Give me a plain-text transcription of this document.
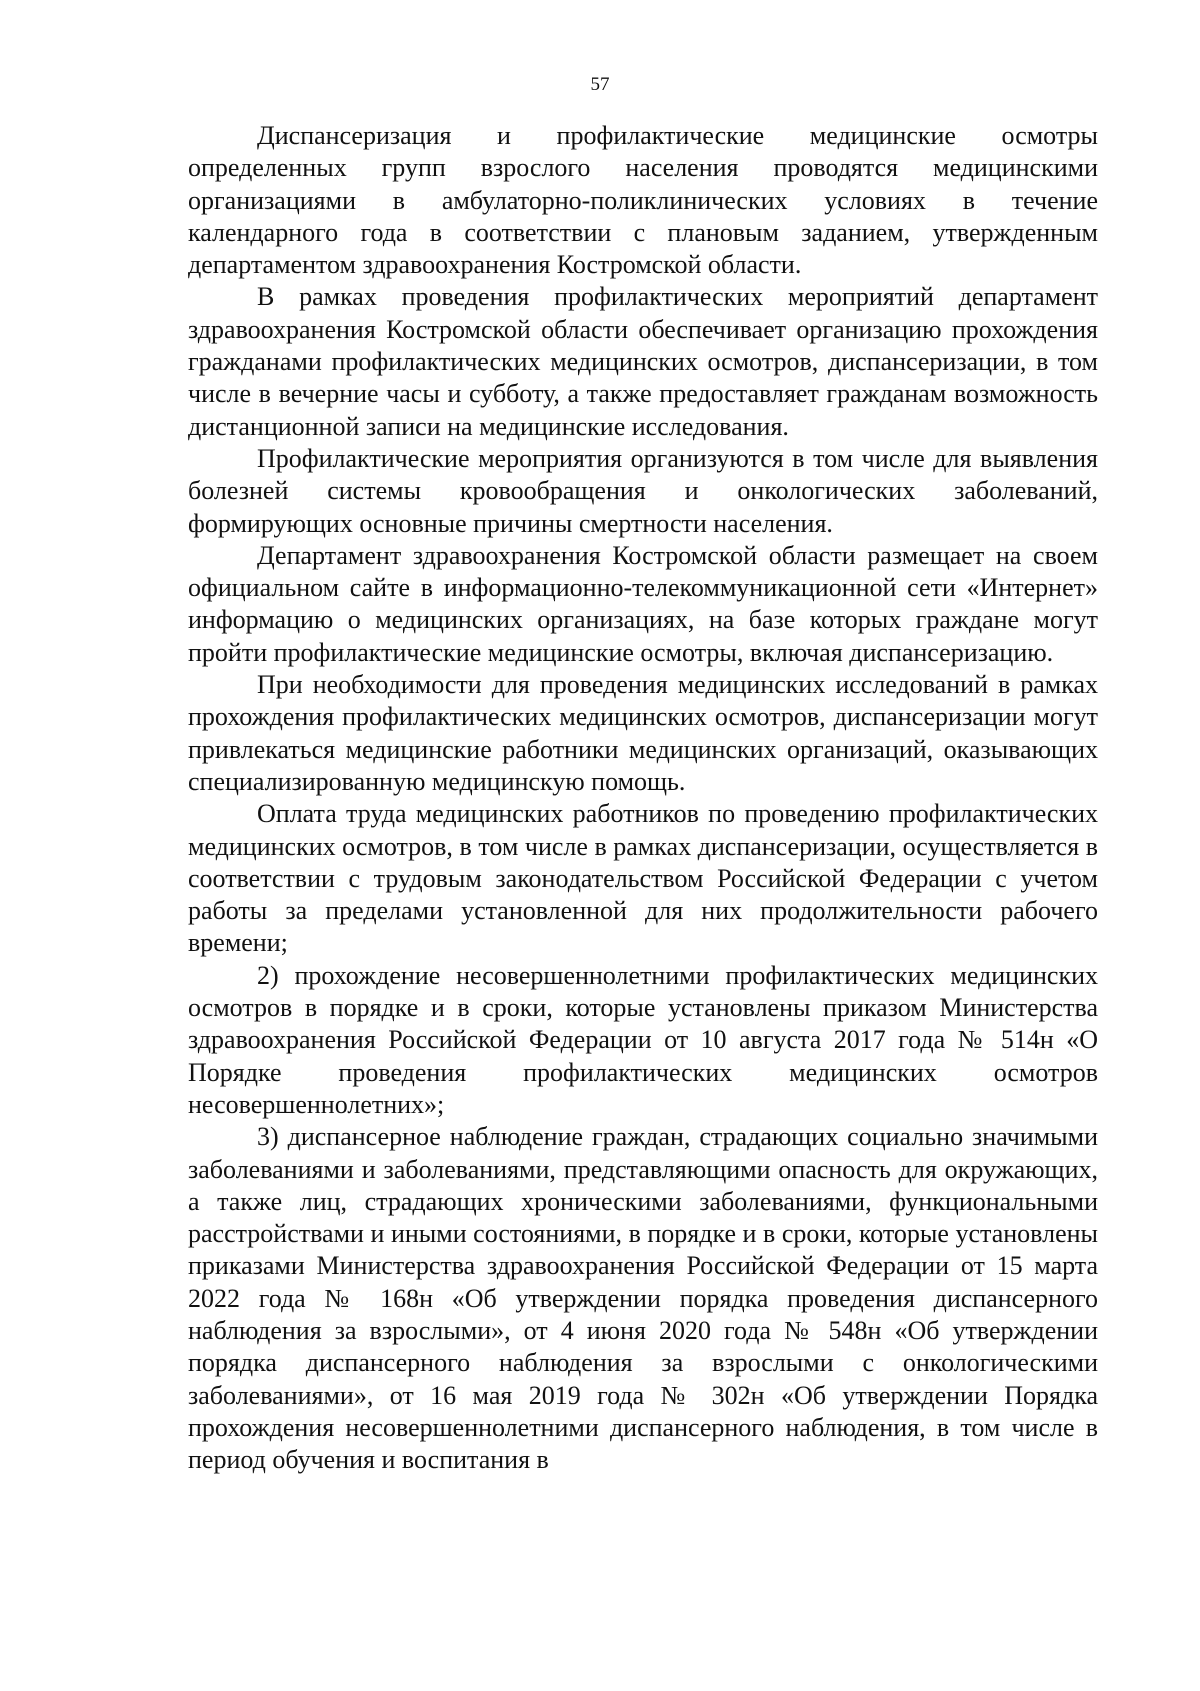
57

Диспансеризация и профилактические медицинские осмотры определенных групп взрослого населения проводятся медицинскими организациями в амбулаторно-поликлинических условиях в течение календарного года в соответствии с плановым заданием, утвержденным департаментом здравоохранения Костромской области.

В рамках проведения профилактических мероприятий департамент здравоохранения Костромской области обеспечивает организацию прохождения гражданами профилактических медицинских осмотров, диспансеризации, в том числе в вечерние часы и субботу, а также предоставляет гражданам возможность дистанционной записи на медицинские исследования.

Профилактические мероприятия организуются в том числе для выявления болезней системы кровообращения и онкологических заболеваний, формирующих основные причины смертности населения.

Департамент здравоохранения Костромской области размещает на своем официальном сайте в информационно-телекоммуникационной сети «Интернет» информацию о медицинских организациях, на базе которых граждане могут пройти профилактические медицинские осмотры, включая диспансеризацию.

При необходимости для проведения медицинских исследований в рамках прохождения профилактических медицинских осмотров, диспансеризации могут привлекаться медицинские работники медицинских организаций, оказывающих специализированную медицинскую помощь.

Оплата труда медицинских работников по проведению профилактических медицинских осмотров, в том числе в рамках диспансеризации, осуществляется в соответствии с трудовым законодательством Российской Федерации с учетом работы за пределами установленной для них продолжительности рабочего времени;

2) прохождение несовершеннолетними профилактических медицинских осмотров в порядке и в сроки, которые установлены приказом Министерства здравоохранения Российской Федерации от 10 августа 2017 года № 514н «О Порядке проведения профилактических медицинских осмотров несовершеннолетних»;

3) диспансерное наблюдение граждан, страдающих социально значимыми заболеваниями и заболеваниями, представляющими опасность для окружающих, а также лиц, страдающих хроническими заболеваниями, функциональными расстройствами и иными состояниями, в порядке и в сроки, которые установлены приказами Министерства здравоохранения Российской Федерации от 15 марта 2022 года № 168н «Об утверждении порядка проведения диспансерного наблюдения за взрослыми», от 4 июня 2020 года № 548н «Об утверждении порядка диспансерного наблюдения за взрослыми с онкологическими заболеваниями», от 16 мая 2019 года № 302н «Об утверждении Порядка прохождения несовершеннолетними диспансерного наблюдения, в том числе в период обучения и воспитания в
